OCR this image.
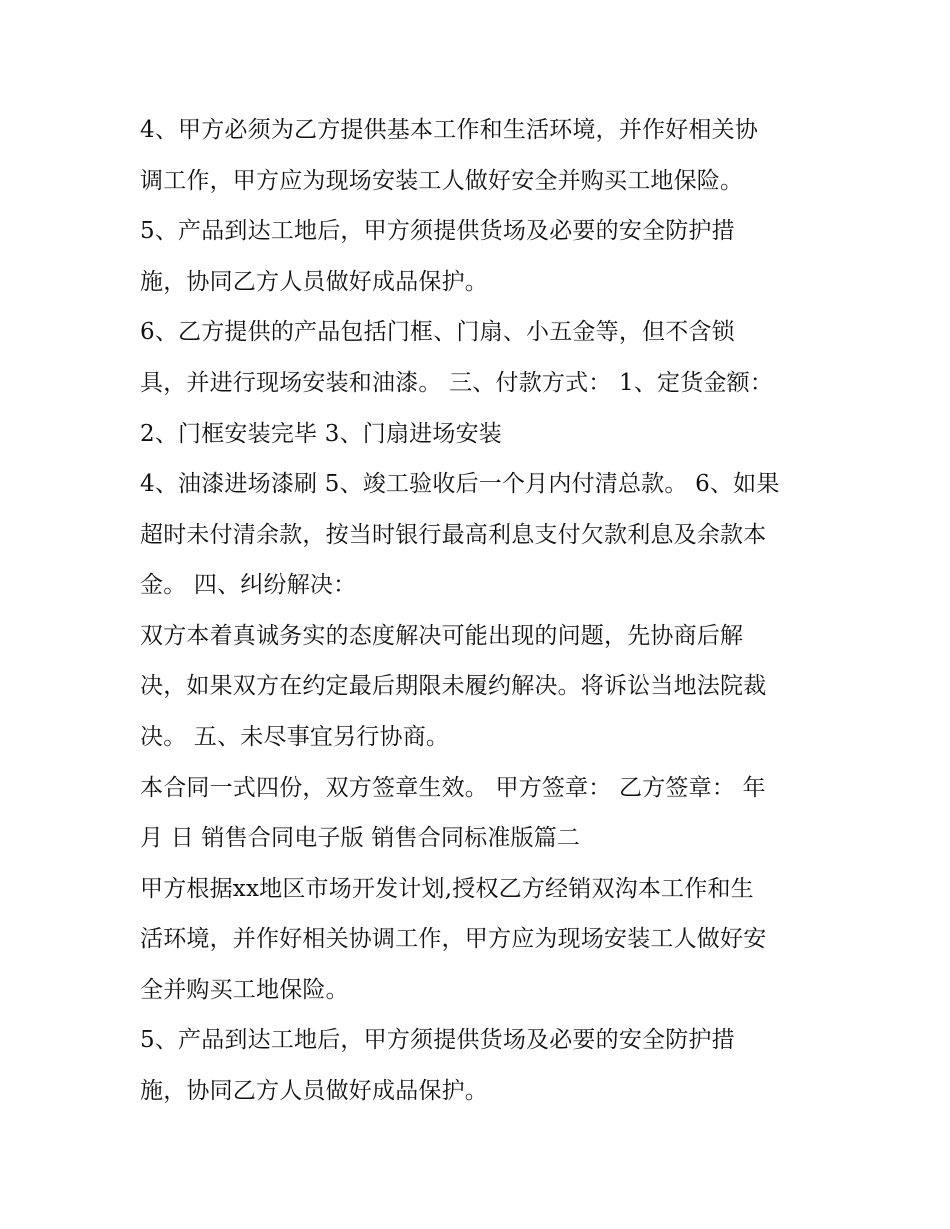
4、甲方必须为乙方提供基本工作和生活环境，并作好相关协

调工作，甲方应为现场安装工人做好安全并购买工地保险。

5、产品到达工地后，甲方须提供货场及必要的安全防护措

施，协同乙方人员做好成品保护。

6、乙方提供的产品包括门框、门扇、小五金等，但不含锁

具，并进行现场安装和油漆。 三、付款方式： 1、定货金额：

2、门框安装完毕 3、门扇进场安装

4、油漆进场漆刷 5、竣工验收后一个月内付清总款。 6、如果

超时未付清余款，按当时银行最高利息支付欠款利息及余款本

金。 四、纠纷解决：

双方本着真诚务实的态度解决可能出现的问题，先协商后解

决，如果双方在约定最后期限未履约解决。将诉讼当地法院裁

决。 五、未尽事宜另行协商。

本合同一式四份，双方签章生效。 甲方签章： 乙方签章： 年

月 日 销售合同电子版 销售合同标准版篇二

甲方根据xx地区市场开发计划,授权乙方经销双沟本工作和生

活环境，并作好相关协调工作，甲方应为现场安装工人做好安

全并购买工地保险。

5、产品到达工地后，甲方须提供货场及必要的安全防护措

施，协同乙方人员做好成品保护。
